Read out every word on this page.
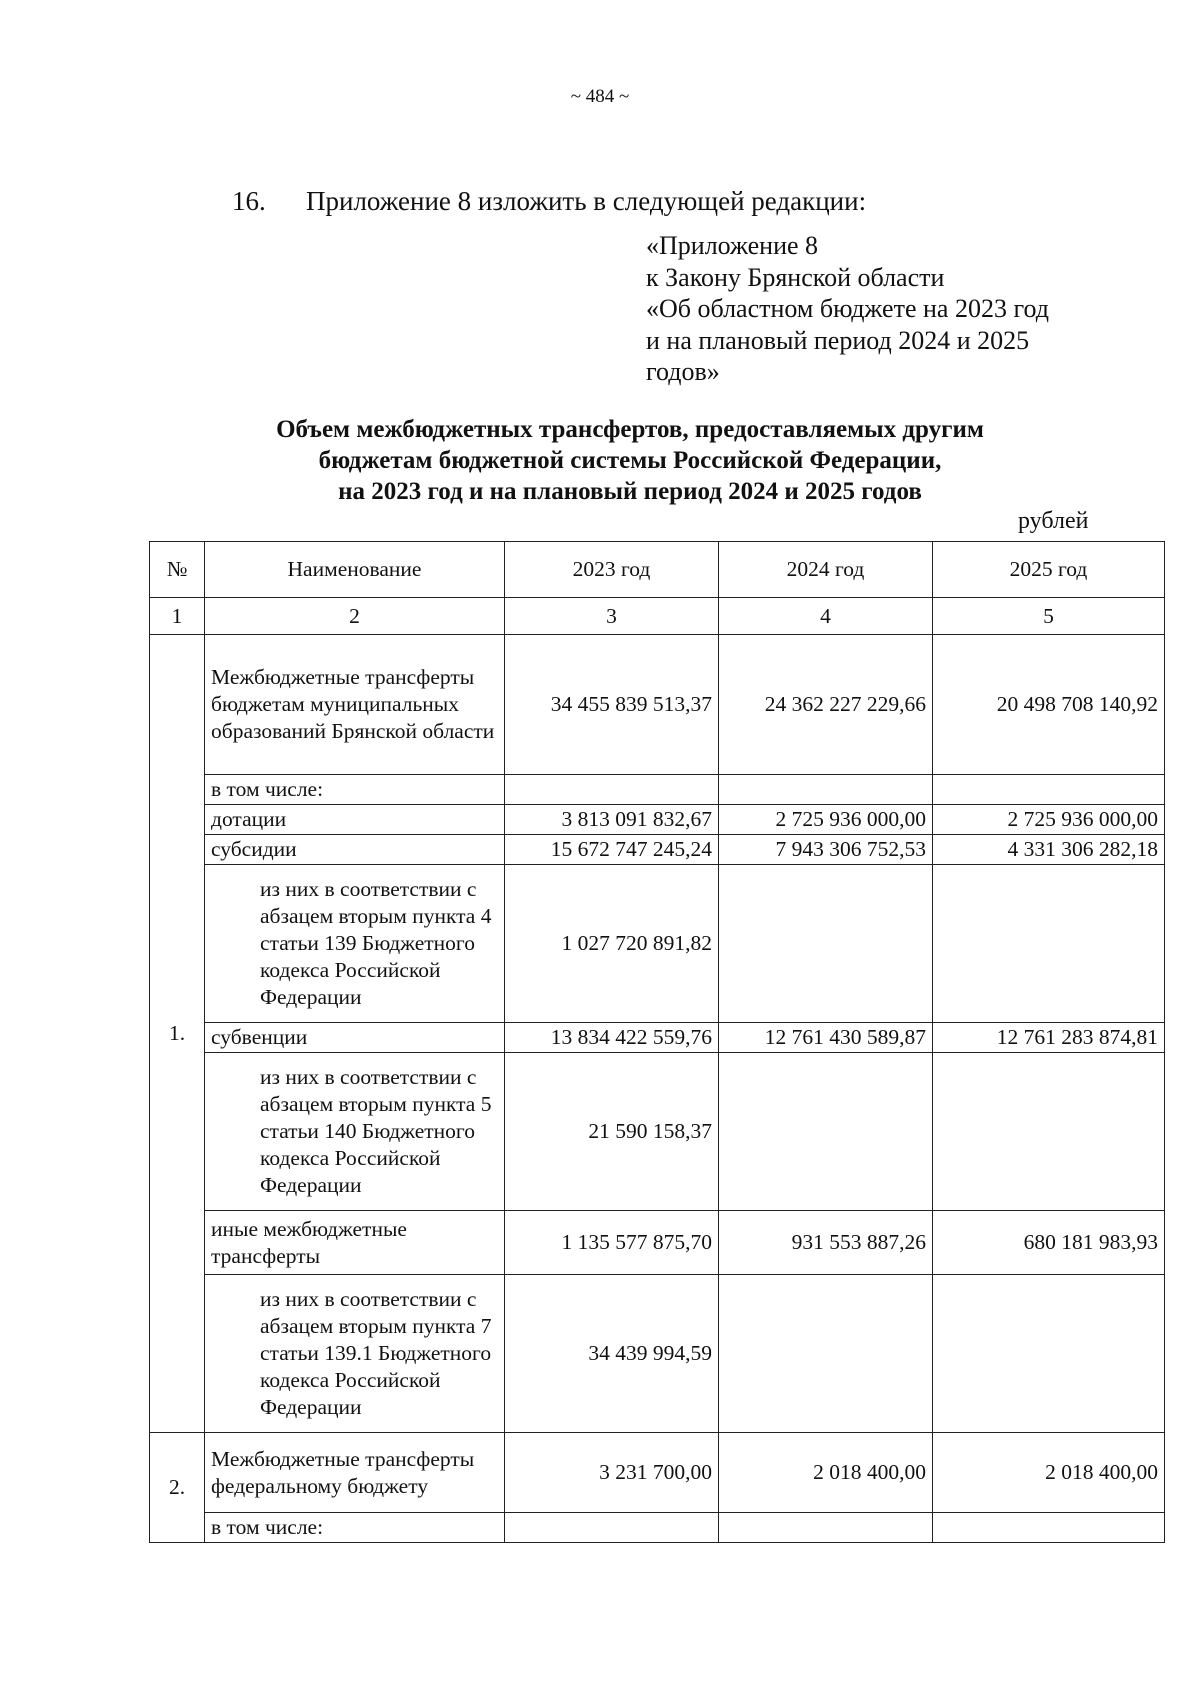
~ 484 ~
16. Приложение 8 изложить в следующей редакции:
«Приложение 8
к Закону Брянской области
«Об областном бюджете на 2023 год
и на плановый период 2024 и 2025
годов»
Объем межбюджетных трансфертов, предоставляемых другим
бюджетам бюджетной системы Российской Федерации,
на 2023 год и на плановый период 2024 и 2025 годов
рублей
№	Наименование	2023 год	2024 год	2025 год
1	2	3	4	5
1.	Межбюджетные трансферты бюджетам муниципальных образований Брянской области	34 455 839 513,37	24 362 227 229,66	20 498 708 140,92
	в том числе:			
	дотации	3 813 091 832,67	2 725 936 000,00	2 725 936 000,00
	субсидии	15 672 747 245,24	7 943 306 752,53	4 331 306 282,18
	из них в соответствии с абзацем вторым пункта 4 статьи 139 Бюджетного кодекса Российской Федерации	1 027 720 891,82		
	субвенции	13 834 422 559,76	12 761 430 589,87	12 761 283 874,81
	из них в соответствии с абзацем вторым пункта 5 статьи 140 Бюджетного кодекса Российской Федерации	21 590 158,37		
	иные межбюджетные трансферты	1 135 577 875,70	931 553 887,26	680 181 983,93
	из них в соответствии с абзацем вторым пункта 7 статьи 139.1 Бюджетного кодекса Российской Федерации	34 439 994,59		
2.	Межбюджетные трансферты федеральному бюджету	3 231 700,00	2 018 400,00	2 018 400,00
	в том числе:			
